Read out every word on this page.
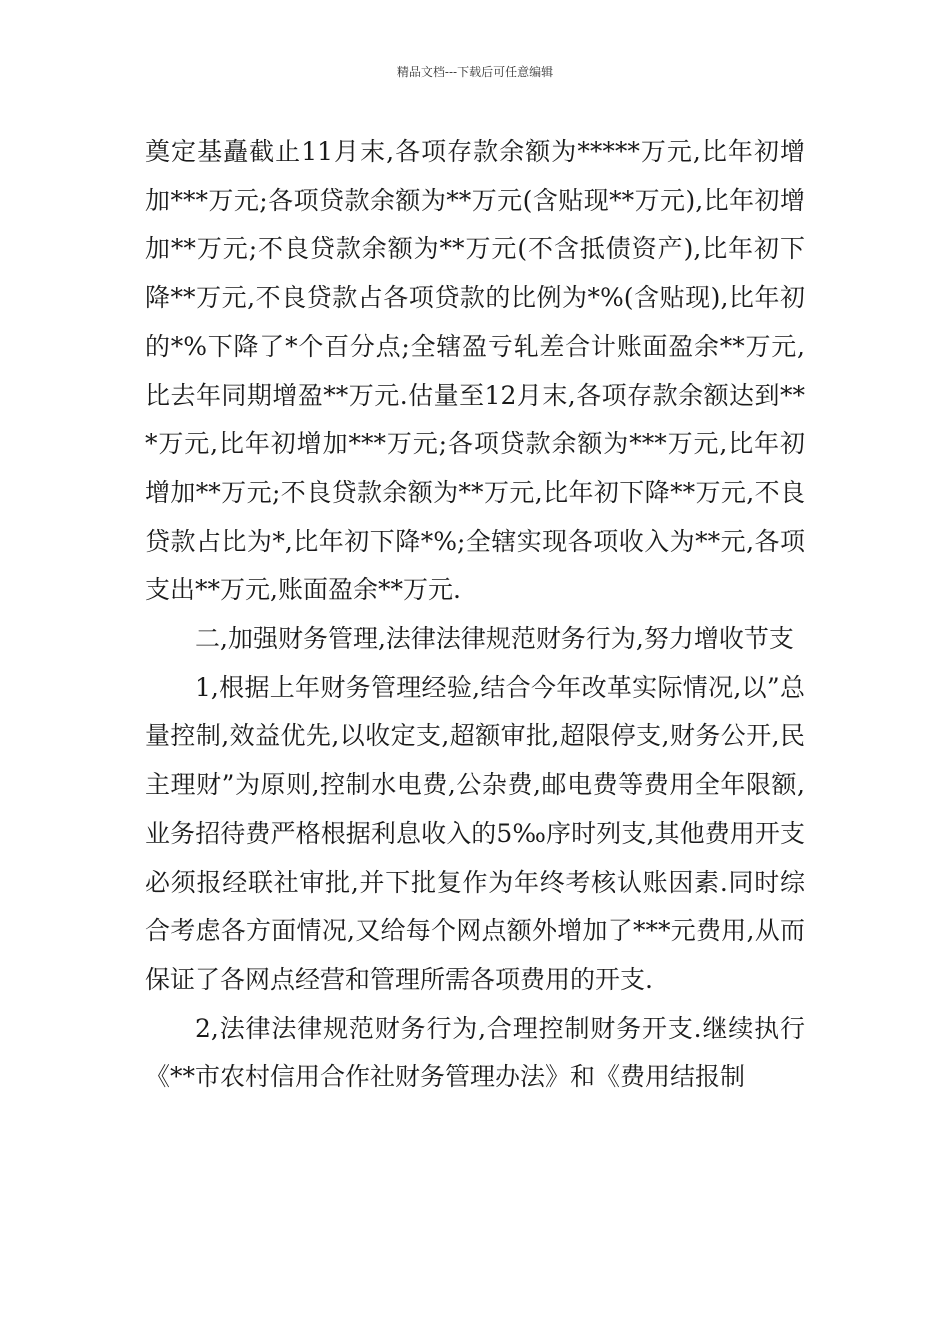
精品文档---下载后可任意编辑

奠定基矗截止11月末,各项存款余额为*****万元,比年初增加***万元;各项贷款余额为**万元(含贴现**万元),比年初增加**万元;不良贷款余额为**万元(不含抵债资产),比年初下降**万元,不良贷款占各项贷款的比例为*%(含贴现),比年初的*%下降了*个百分点;全辖盈亏轧差合计账面盈余**万元,比去年同期增盈**万元.估量至12月末,各项存款余额达到***万元,比年初增加***万元;各项贷款余额为***万元,比年初增加**万元;不良贷款余额为**万元,比年初下降**万元,不良贷款占比为*,比年初下降*%;全辖实现各项收入为**元,各项支出**万元,账面盈余**万元.

二,加强财务管理,法律法律规范财务行为,努力增收节支

1,根据上年财务管理经验,结合今年改革实际情况,以”总量控制,效益优先,以收定支,超额审批,超限停支,财务公开,民主理财”为原则,控制水电费,公杂费,邮电费等费用全年限额,业务招待费严格根据利息收入的5‰序时列支,其他费用开支必须报经联社审批,并下批复作为年终考核认账因素.同时综合考虑各方面情况,又给每个网点额外增加了***元费用,从而保证了各网点经营和管理所需各项费用的开支.

2,法律法律规范财务行为,合理控制财务开支.继续执行《**市农村信用合作社财务管理办法》和《费用结报制
